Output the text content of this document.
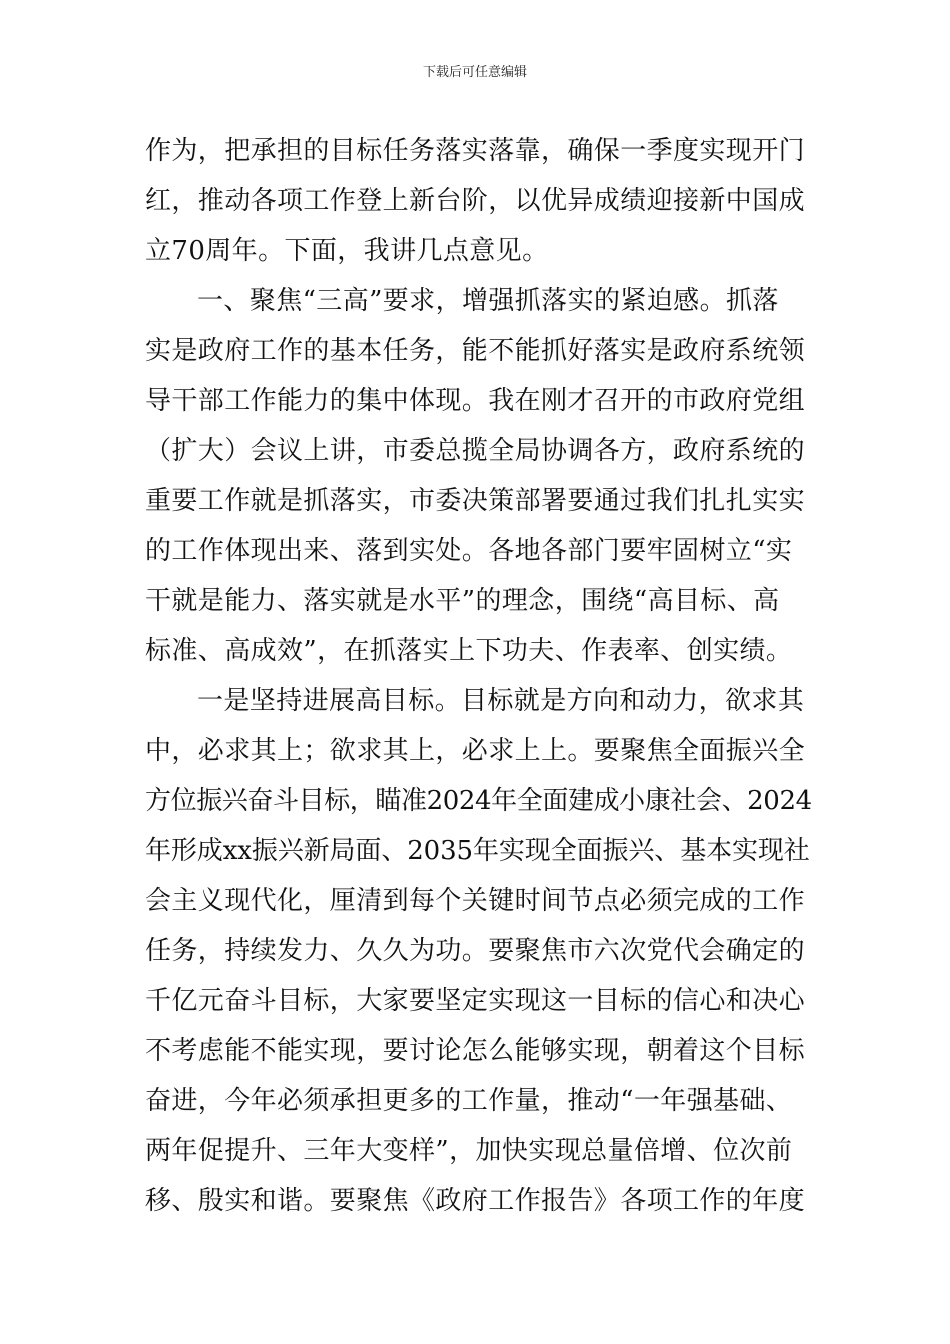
下载后可任意编辑
作为，把承担的目标任务落实落靠，确保一季度实现开门
红，推动各项工作登上新台阶，以优异成绩迎接新中国成
立70周年。下面，我讲几点意见。
一、聚焦“三高”要求，增强抓落实的紧迫感。抓落
实是政府工作的基本任务，能不能抓好落实是政府系统领
导干部工作能力的集中体现。我在刚才召开的市政府党组
（扩大）会议上讲，市委总揽全局协调各方，政府系统的
重要工作就是抓落实，市委决策部署要通过我们扎扎实实
的工作体现出来、落到实处。各地各部门要牢固树立“实
干就是能力、落实就是水平”的理念，围绕“高目标、高
标准、高成效”，在抓落实上下功夫、作表率、创实绩。
一是坚持进展高目标。目标就是方向和动力，欲求其
中，必求其上；欲求其上，必求上上。要聚焦全面振兴全
方位振兴奋斗目标，瞄准2024年全面建成小康社会、2024
年形成xx振兴新局面、2035年实现全面振兴、基本实现社
会主义现代化，厘清到每个关键时间节点必须完成的工作
任务，持续发力、久久为功。要聚焦市六次党代会确定的
千亿元奋斗目标，大家要坚定实现这一目标的信心和决心
不考虑能不能实现，要讨论怎么能够实现，朝着这个目标
奋进，今年必须承担更多的工作量，推动“一年强基础、
两年促提升、三年大变样”，加快实现总量倍增、位次前
移、殷实和谐。要聚焦《政府工作报告》各项工作的年度
